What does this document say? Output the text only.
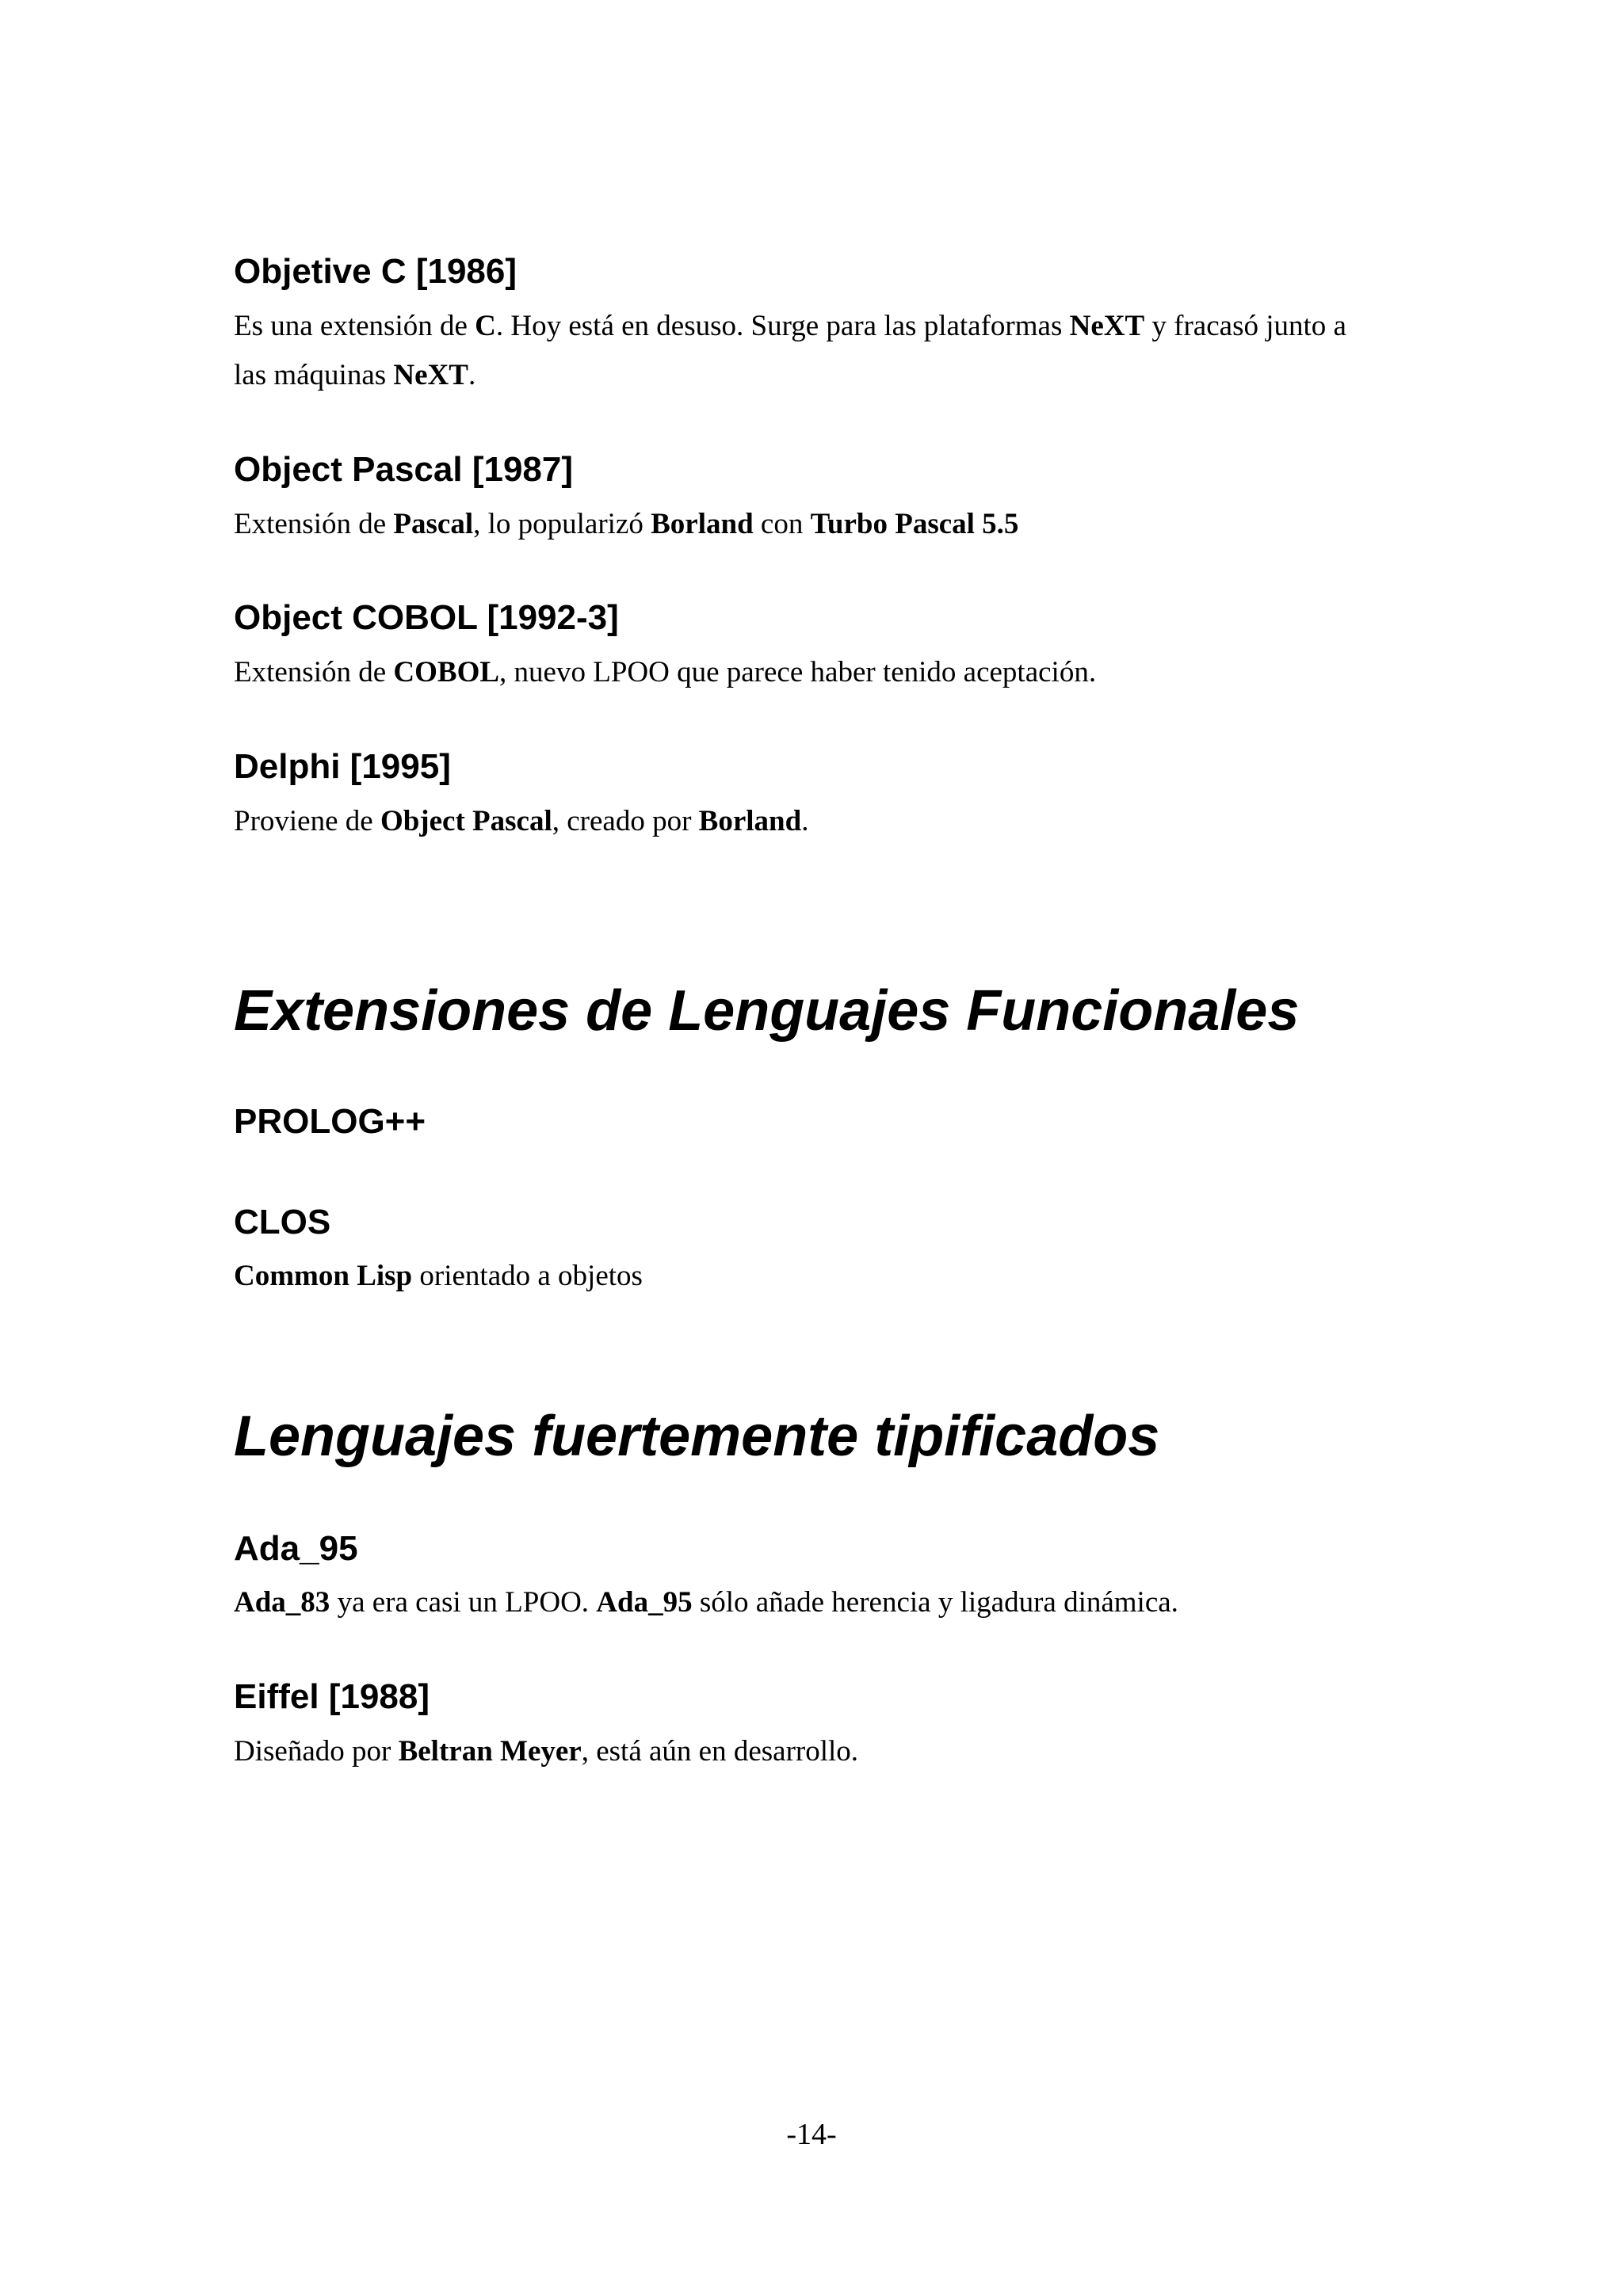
Objetive C [1986]
Es una extensión de C. Hoy está en desuso. Surge para las plataformas NeXT y fracasó junto a
las máquinas NeXT.
Object Pascal [1987]
Extensión de Pascal, lo popularizó Borland con Turbo Pascal 5.5
Object COBOL [1992-3]
Extensión de COBOL, nuevo LPOO que parece haber tenido aceptación.
Delphi [1995]
Proviene de Object Pascal, creado por Borland.
Extensiones de Lenguajes Funcionales
PROLOG++
CLOS
Common Lisp orientado a objetos
Lenguajes fuertemente tipificados
Ada_95
Ada_83 ya era casi un LPOO. Ada_95 sólo añade herencia y ligadura dinámica.
Eiffel [1988]
Diseñado por Beltran Meyer, está aún en desarrollo.
-14-
